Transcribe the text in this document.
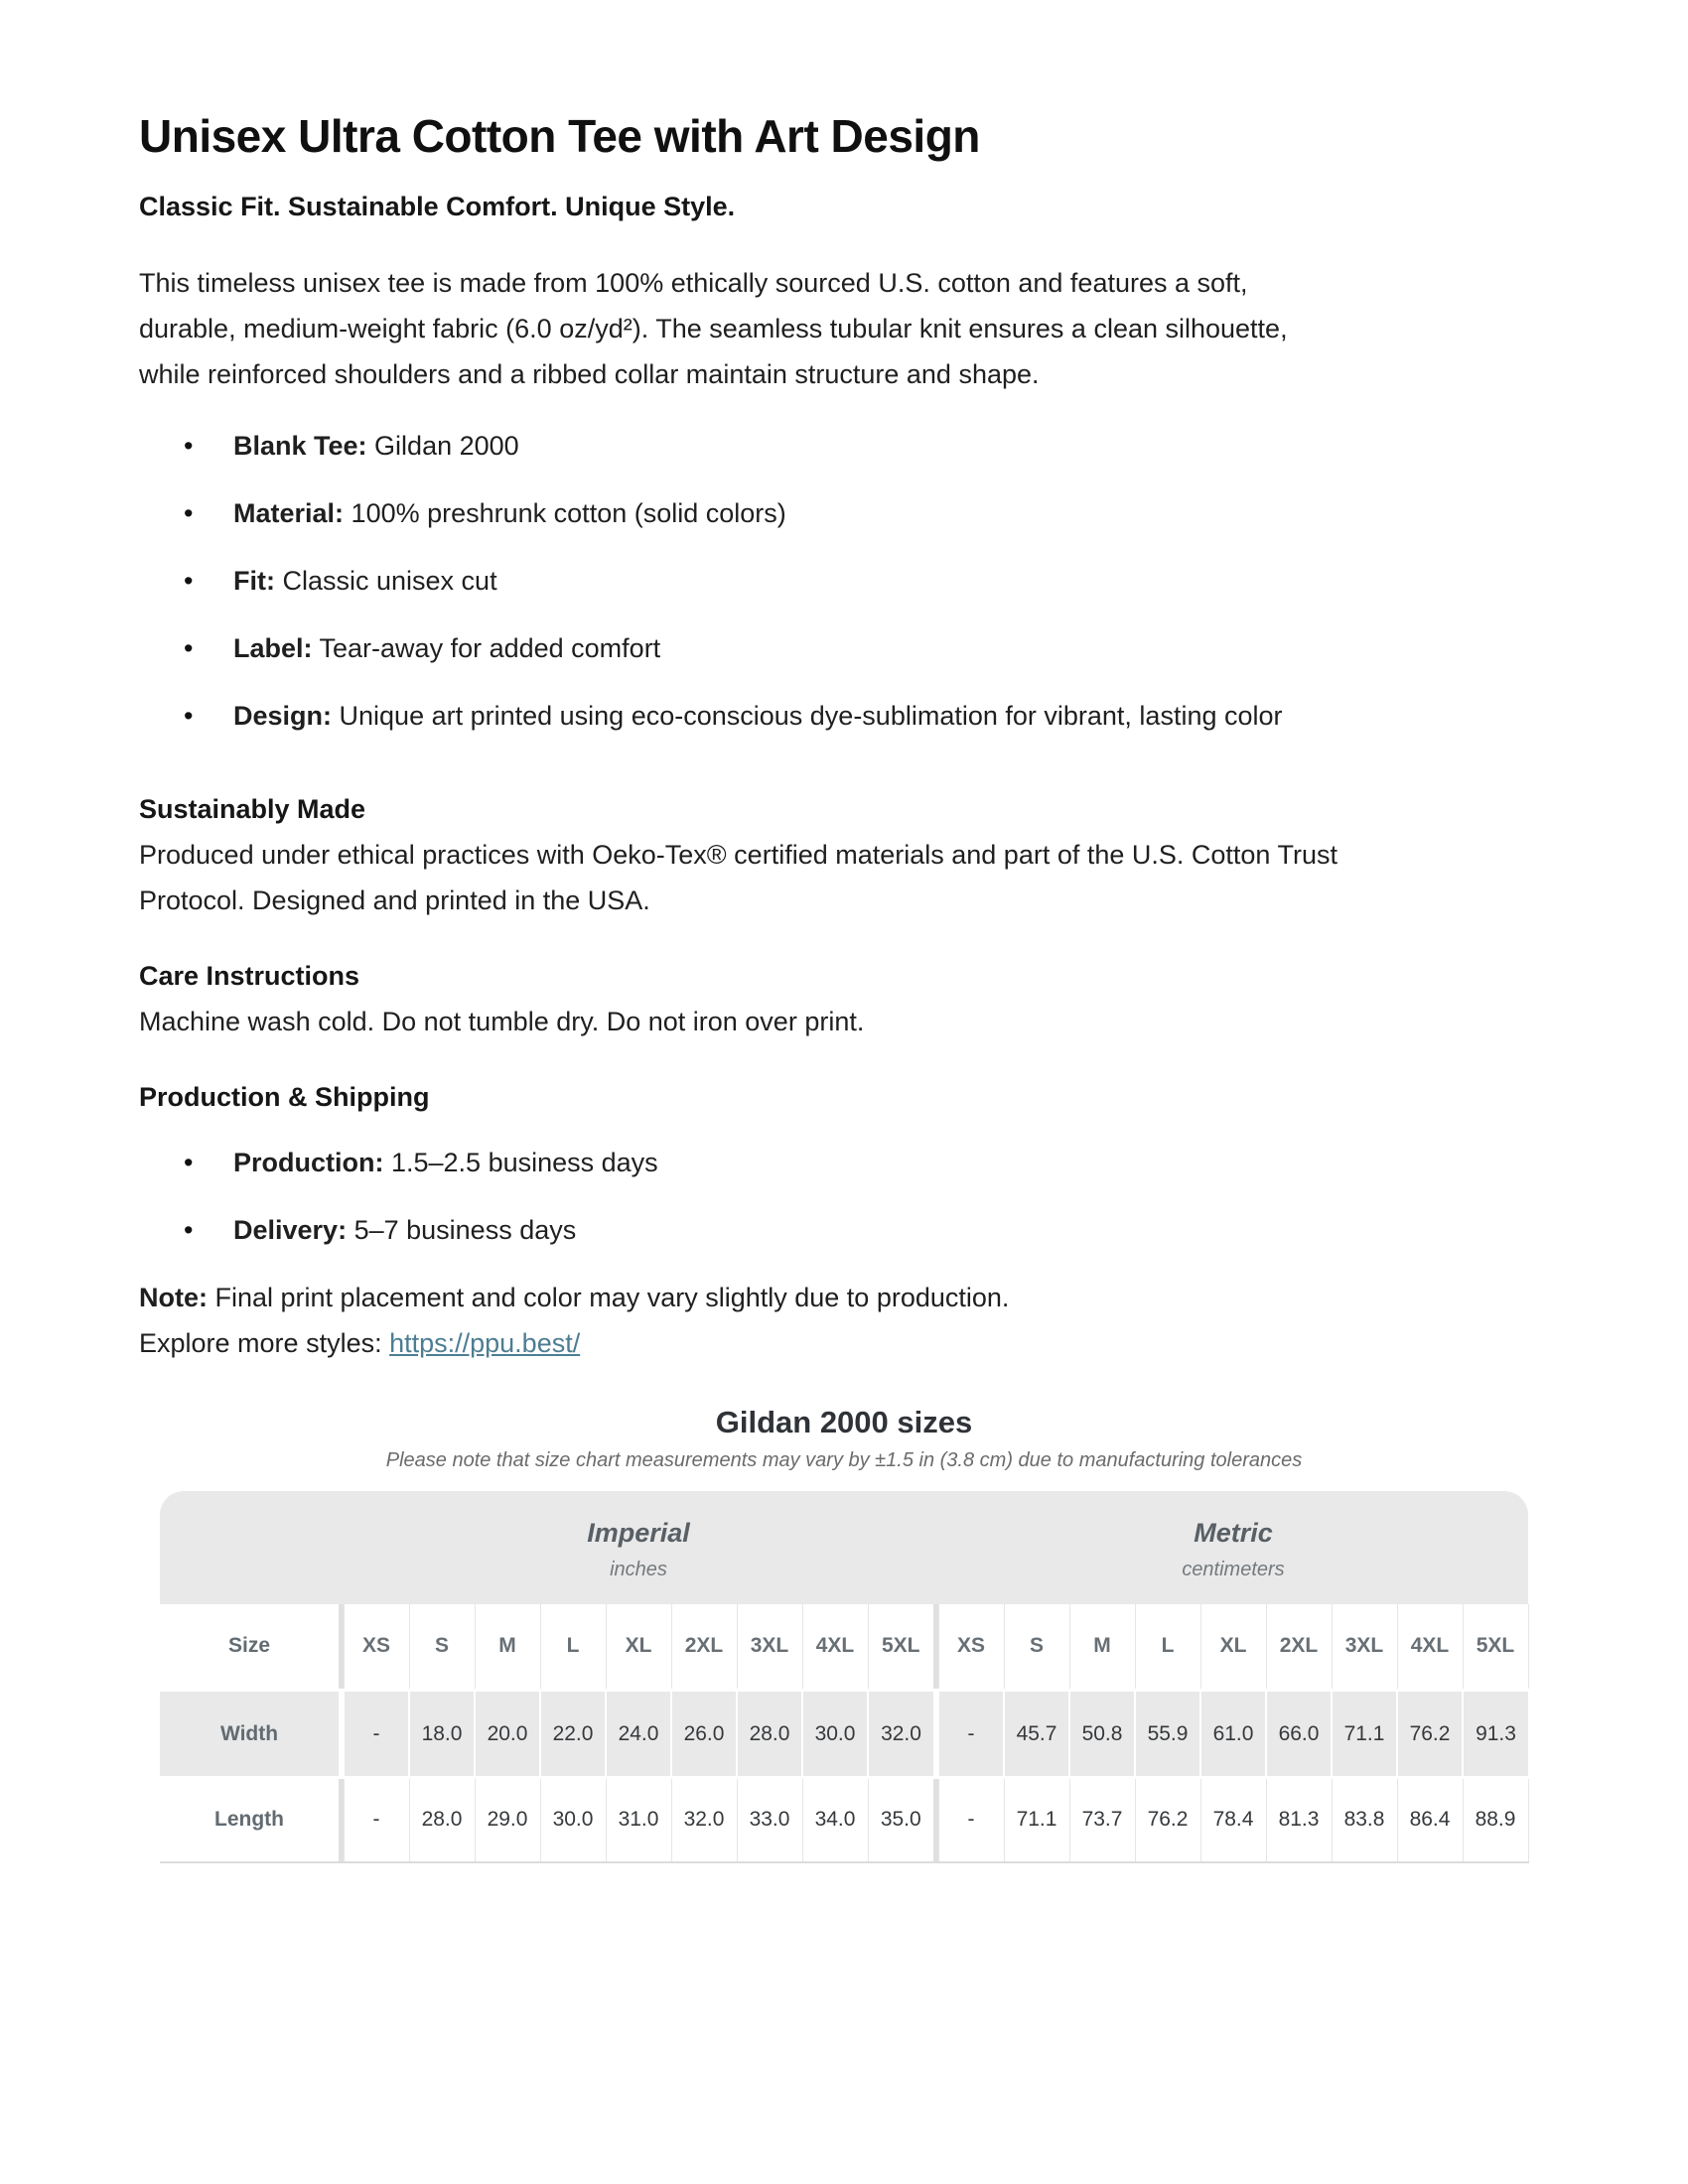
Unisex Ultra Cotton Tee with Art Design

Classic Fit. Sustainable Comfort. Unique Style.

This timeless unisex tee is made from 100% ethically sourced U.S. cotton and features a soft,

durable, medium-weight fabric (6.0 oz/yd²). The seamless tubular knit ensures a clean silhouette,

while reinforced shoulders and a ribbed collar maintain structure and shape.

• Blank Tee: Gildan 2000
• Material: 100% preshrunk cotton (solid colors)
• Fit: Classic unisex cut
• Label: Tear-away for added comfort
• Design: Unique art printed using eco-conscious dye-sublimation for vibrant, lasting color
Sustainably Made

Produced under ethical practices with Oeko-Tex® certified materials and part of the U.S. Cotton Trust

Protocol. Designed and printed in the USA.

Care Instructions

Machine wash cold. Do not tumble dry. Do not iron over print.

Production & Shipping
• Production: 1.5–2.5 business days
• Delivery: 5–7 business days

Note: Final print placement and color may vary slightly due to production.

Explore more styles: https://ppu.best/

Gildan 2000 sizes

Please note that size chart measurements may vary by ±1.5 in (3.8 cm) due to manufacturing tolerances

Imperial
inches
Metric
centimeters
Size		XS	S	M	L	XL	2XL	3XL	4XL	5XL		XS	S	M	L	XL	2XL	3XL	4XL	5XL
Width		-	18.0	20.0	22.0	24.0	26.0	28.0	30.0	32.0		-	45.7	50.8	55.9	61.0	66.0	71.1	76.2	91.3
Length		-	28.0	29.0	30.0	31.0	32.0	33.0	34.0	35.0		-	71.1	73.7	76.2	78.4	81.3	83.8	86.4	88.9
